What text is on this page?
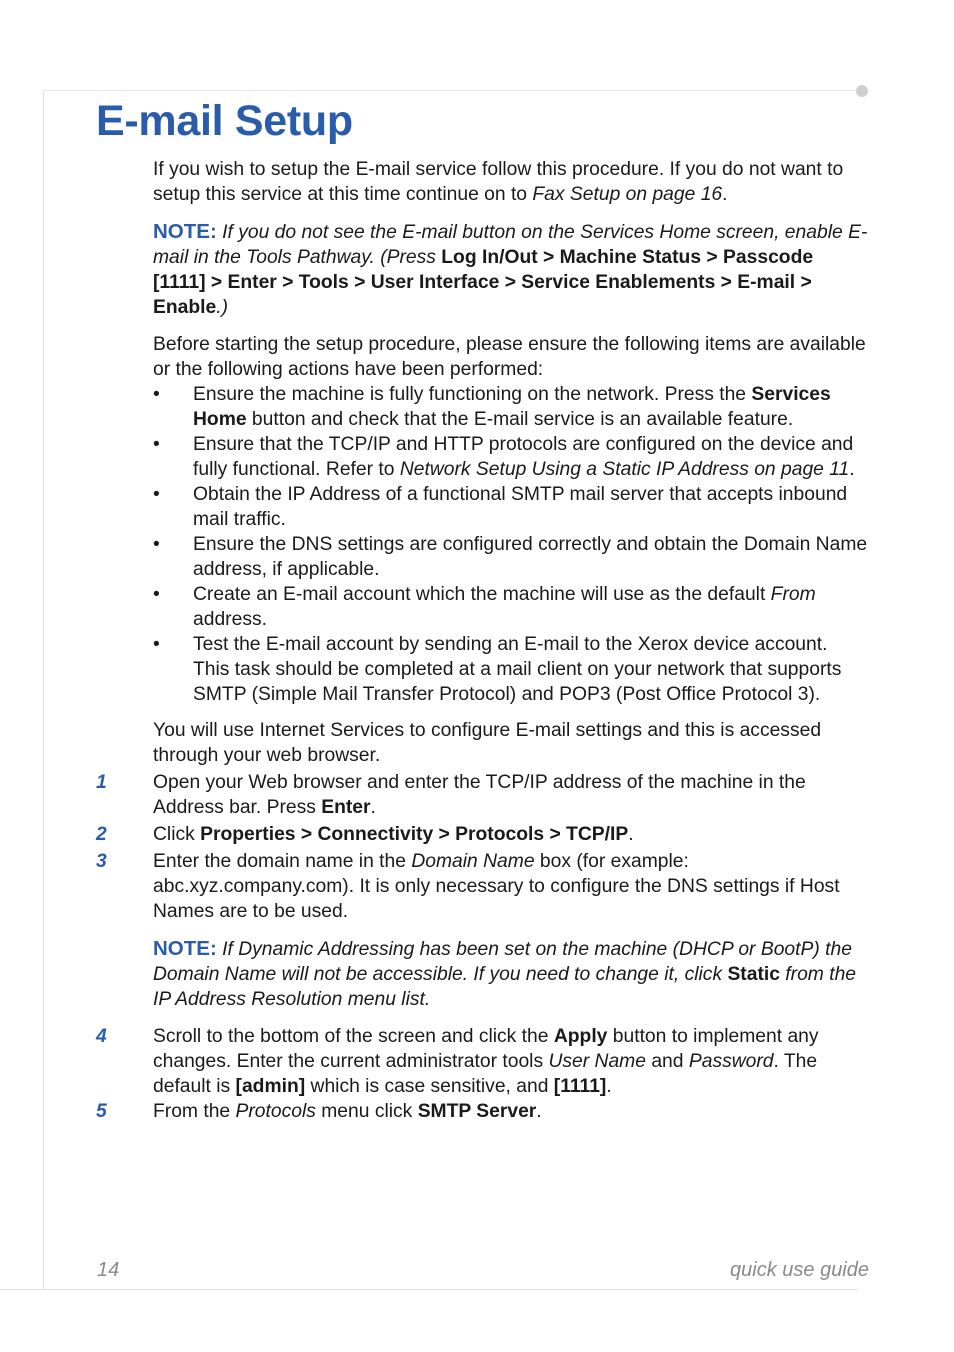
E-mail Setup

If you wish to setup the E-mail service follow this procedure. If you do not want to setup this service at this time continue on to Fax Setup on page 16.

NOTE: If you do not see the E-mail button on the Services Home screen, enable E-mail in the Tools Pathway. (Press Log In/Out > Machine Status > Passcode [1111] > Enter > Tools > User Interface > Service Enablements > E-mail > Enable.)

Before starting the setup procedure, please ensure the following items are available or the following actions have been performed:

• Ensure the machine is fully functioning on the network. Press the Services Home button and check that the E-mail service is an available feature.
• Ensure that the TCP/IP and HTTP protocols are configured on the device and fully functional. Refer to Network Setup Using a Static IP Address on page 11.
• Obtain the IP Address of a functional SMTP mail server that accepts inbound mail traffic.
• Ensure the DNS settings are configured correctly and obtain the Domain Name address, if applicable.
• Create an E-mail account which the machine will use as the default From address.
• Test the E-mail account by sending an E-mail to the Xerox device account. This task should be completed at a mail client on your network that supports SMTP (Simple Mail Transfer Protocol) and POP3 (Post Office Protocol 3).

You will use Internet Services to configure E-mail settings and this is accessed through your web browser.

1 Open your Web browser and enter the TCP/IP address of the machine in the Address bar. Press Enter.
2 Click Properties > Connectivity > Protocols > TCP/IP.
3 Enter the domain name in the Domain Name box (for example: abc.xyz.company.com). It is only necessary to configure the DNS settings if Host Names are to be used.

NOTE: If Dynamic Addressing has been set on the machine (DHCP or BootP) the Domain Name will not be accessible. If you need to change it, click Static from the IP Address Resolution menu list.

4 Scroll to the bottom of the screen and click the Apply button to implement any changes. Enter the current administrator tools User Name and Password. The default is [admin] which is case sensitive, and [1111].
5 From the Protocols menu click SMTP Server.
14	quick use guide
